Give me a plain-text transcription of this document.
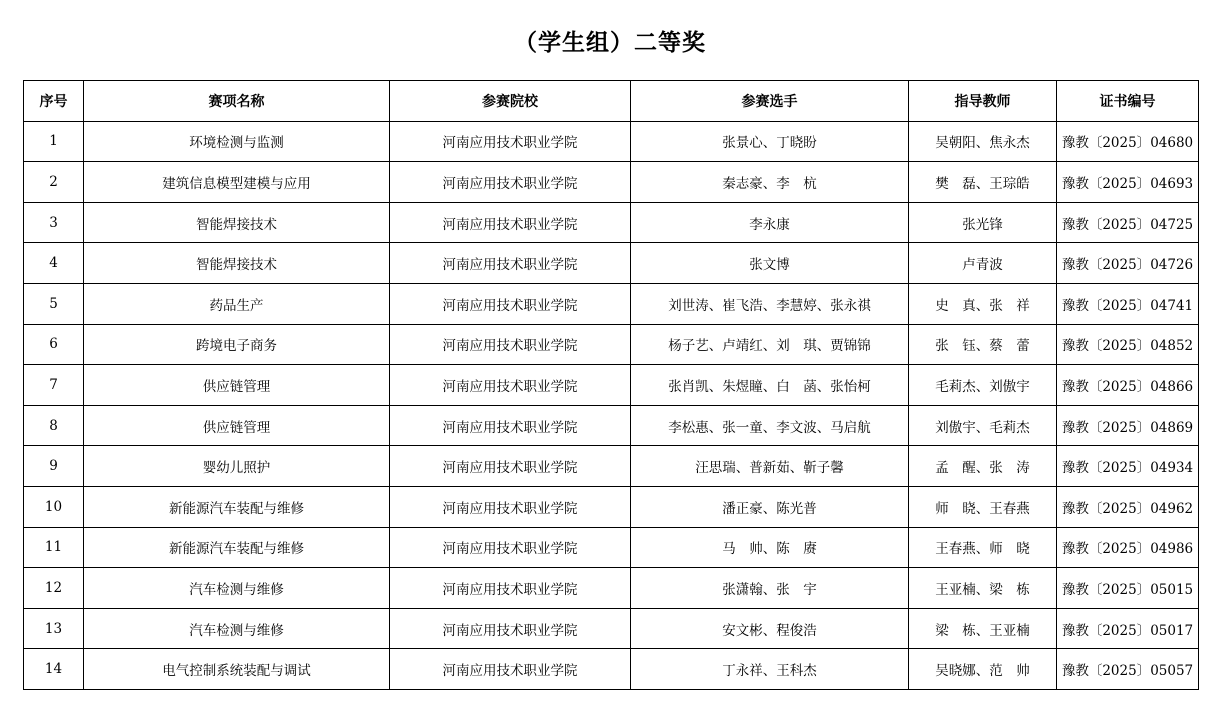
（学生组）二等奖
序号	赛项名称	参赛院校	参赛选手	指导教师	证书编号
1	环境检测与监测	河南应用技术职业学院	张景心、丁晓盼	吴朝阳、焦永杰	豫教〔2025〕04680
2	建筑信息模型建模与应用	河南应用技术职业学院	秦志豪、李　杭	樊　磊、王琮皓	豫教〔2025〕04693
3	智能焊接技术	河南应用技术职业学院	李永康	张光锋	豫教〔2025〕04725
4	智能焊接技术	河南应用技术职业学院	张文博	卢青波	豫教〔2025〕04726
5	药品生产	河南应用技术职业学院	刘世涛、崔飞浩、李慧婷、张永祺	史　真、张　祥	豫教〔2025〕04741
6	跨境电子商务	河南应用技术职业学院	杨子艺、卢靖红、刘　琪、贾锦锦	张　钰、蔡　蕾	豫教〔2025〕04852
7	供应链管理	河南应用技术职业学院	张肖凯、朱煜瞳、白　菡、张怡柯	毛莉杰、刘傲宇	豫教〔2025〕04866
8	供应链管理	河南应用技术职业学院	李松惠、张一童、李文波、马启航	刘傲宇、毛莉杰	豫教〔2025〕04869
9	婴幼儿照护	河南应用技术职业学院	汪思瑞、普新茹、靳子馨	孟　醒、张　涛	豫教〔2025〕04934
10	新能源汽车装配与维修	河南应用技术职业学院	潘正豪、陈光普	师　晓、王春燕	豫教〔2025〕04962
11	新能源汽车装配与维修	河南应用技术职业学院	马　帅、陈　赓	王春燕、师　晓	豫教〔2025〕04986
12	汽车检测与维修	河南应用技术职业学院	张潇翰、张　宇	王亚楠、梁　栋	豫教〔2025〕05015
13	汽车检测与维修	河南应用技术职业学院	安文彬、程俊浩	梁　栋、王亚楠	豫教〔2025〕05017
14	电气控制系统装配与调试	河南应用技术职业学院	丁永祥、王科杰	吴晓娜、范　帅	豫教〔2025〕05057
